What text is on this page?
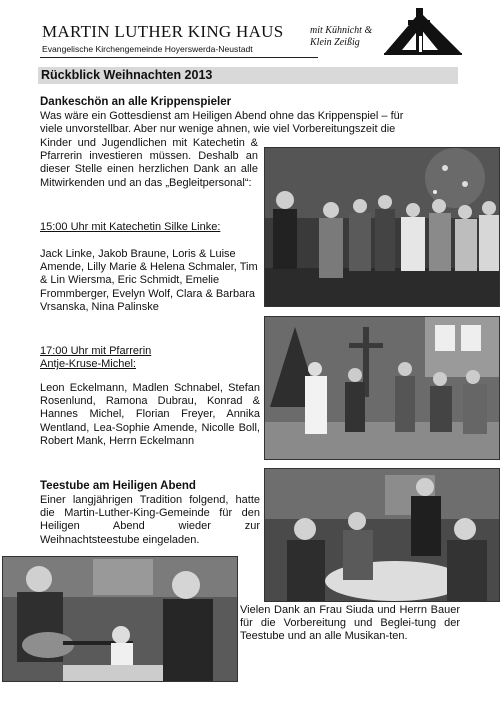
MARTIN LUTHER KING HAUS
Evangelische Kirchengemeinde Hoyerswerda-Neustadt
mit Kühnicht &
Klein Zeißig
Rückblick Weihnachten 2013
Dankeschön an alle Krippenspieler
Was wäre ein Gottesdienst am Heiligen Abend ohne das Krippenspiel – für
viele unvorstellbar. Aber nur wenige ahnen, wie viel Vorbereitungszeit die
Kinder und Jugendlichen mit Katechetin & Pfarrerin investieren müssen. Deshalb an dieser Stelle einen herzlichen Dank an alle Mitwirkenden und an das „Begleitpersonal“:
15:00 Uhr mit Katechetin Silke Linke:
Jack Linke, Jakob Braune, Loris & Luise Amende, Lilly Marie & Helena Schmaler, Tim & Lin Wiersma, Eric Schmidt, Emelie Frommberger, Evelyn Wolf, Clara & Barbara Vrsanska, Nina Palinske
17:00 Uhr mit Pfarrerin
Antje-Kruse-Michel:
Leon Eckelmann, Madlen Schnabel, Stefan Rosenlund, Ramona Dubrau, Konrad & Hannes Michel, Florian Freyer, Annika Wentland, Lea-Sophie Amende, Nicolle Boll, Robert Mank, Herrn Eckelmann
Teestube am Heiligen Abend
Einer langjährigen Tradition folgend, hatte die Martin-Luther-King-Gemeinde für den Heiligen Abend wieder zur Weihnachtsteestube eingeladen.
Vielen Dank an Frau Siuda und Herrn Bauer für die Vorbereitung und Beglei-tung der Teestube und an alle Musikan-ten.
